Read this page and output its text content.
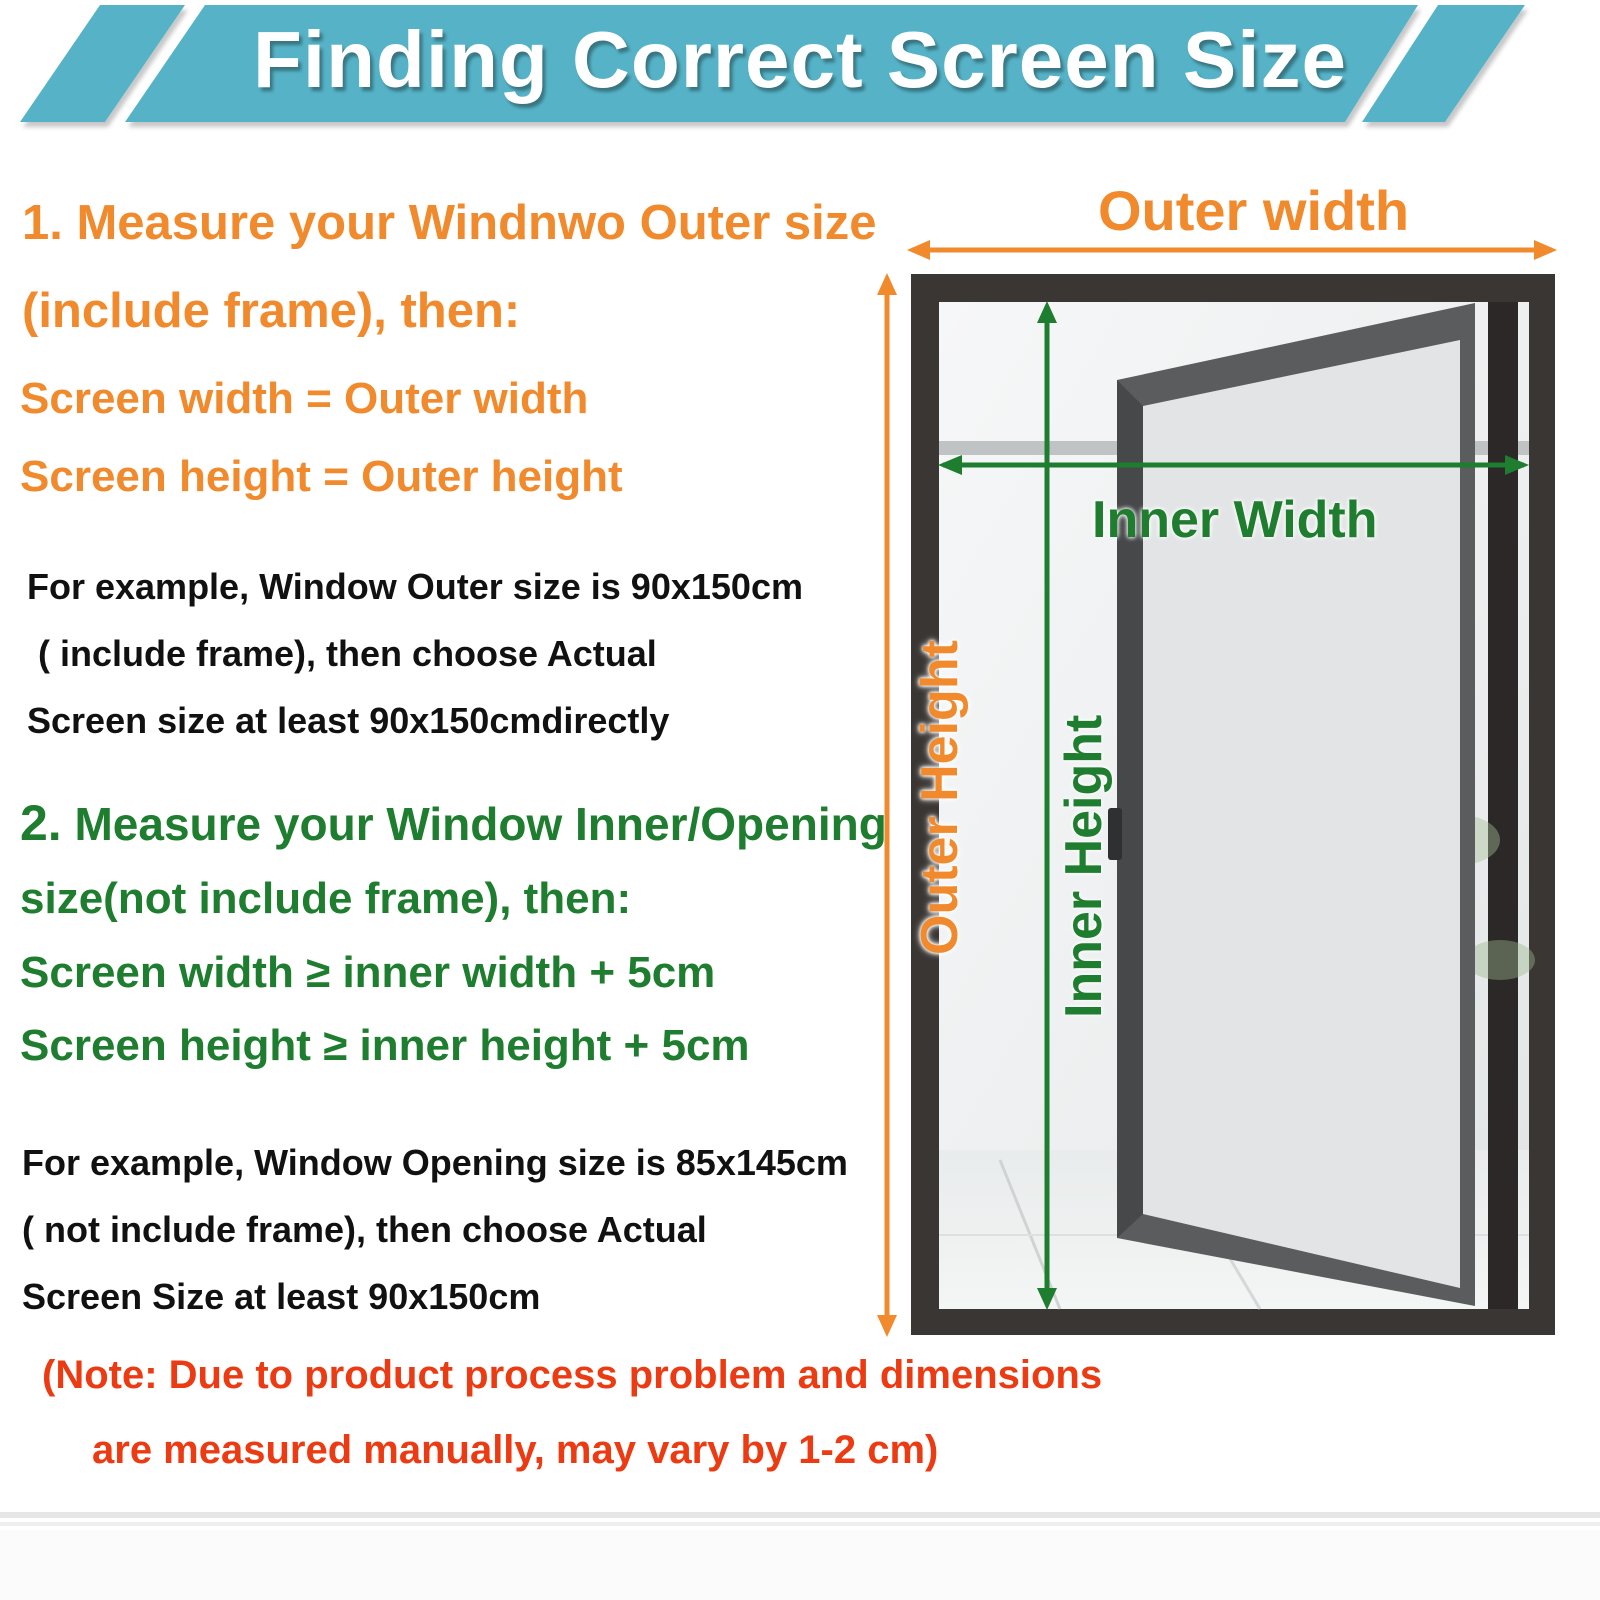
Finding Correct Screen Size
1. Measure your Windnwo Outer size
(include frame), then:
Screen width = Outer width
Screen height = Outer height
For example, Window Outer size is 90x150cm
( include frame), then choose Actual
Screen size at least 90x150cmdirectly
2. Measure your Window Inner/Opening
size(not include frame), then:
Screen width ≥ inner width + 5cm
Screen height ≥ inner height + 5cm
For example, Window Opening size is 85x145cm
( not include frame), then choose Actual
Screen Size at least 90x150cm
(Note: Due to product process problem and dimensions
are measured manually, may vary by 1-2 cm)
Outer width
Inner Width
Outer Height Inner Height
